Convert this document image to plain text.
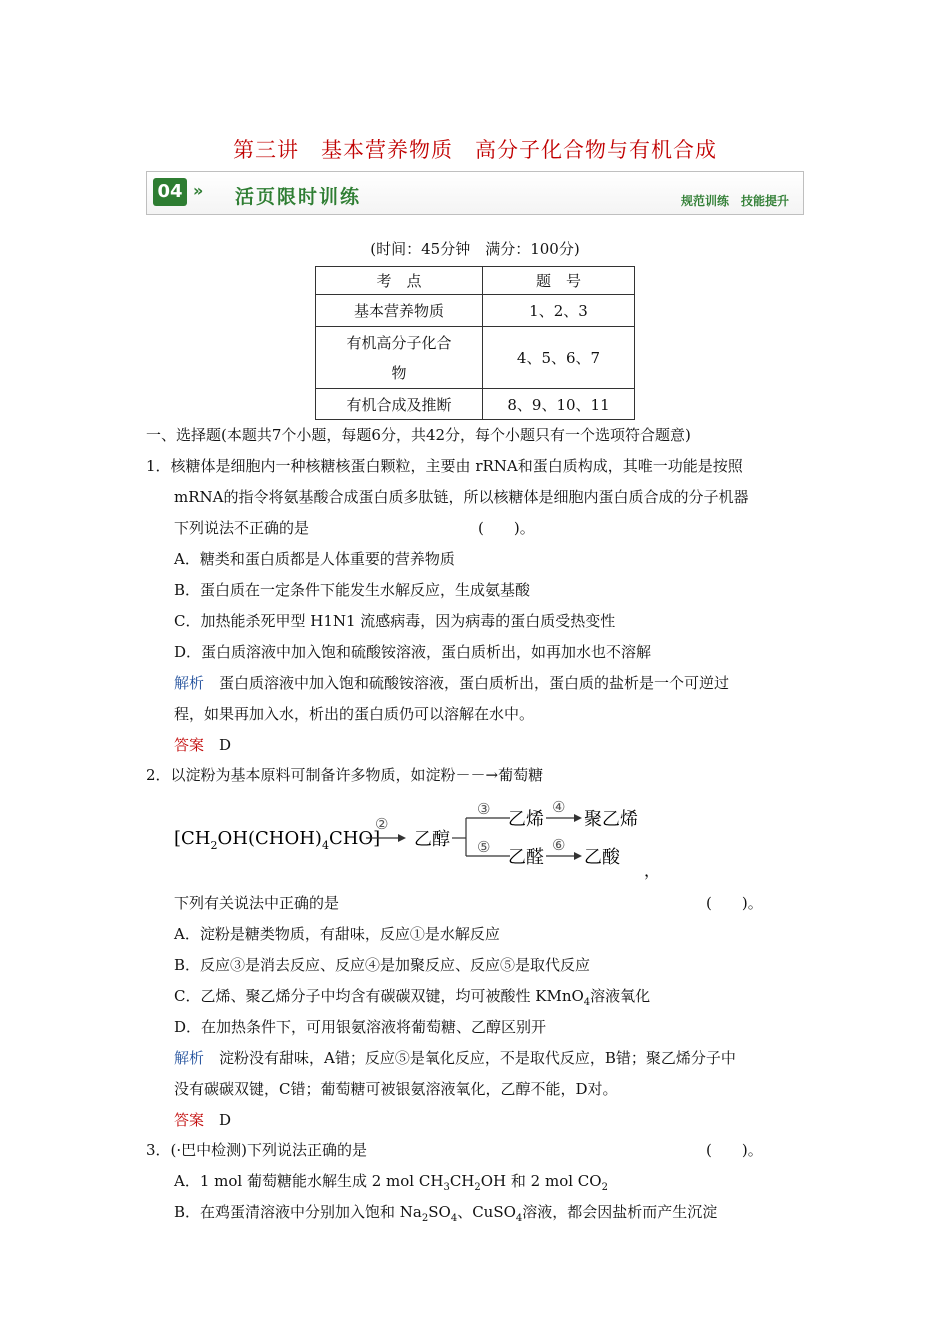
第三讲　基本营养物质　高分子化合物与有机合成
04 » 活页限时训练	规范训练　技能提升
(时间：45分钟　满分：100分)
考　点	题　号
基本营养物质	1、2、3

有机高分子化合
物	4、5、6、7
有机合成及推断	8、9、10、11
一、选择题(本题共7个小题，每题6分，共42分，每个小题只有一个选项符合题意)
1．核糖体是细胞内一种核糖核蛋白颗粒，主要由 rRNA和蛋白质构成，其唯一功能是按照
mRNA的指令将氨基酸合成蛋白质多肽链，所以核糖体是细胞内蛋白质合成的分子机器
下列说法不正确的是	(　　)。
A．糖类和蛋白质都是人体重要的营养物质
B．蛋白质在一定条件下能发生水解反应，生成氨基酸
C．加热能杀死甲型 H1N1 流感病毒，因为病毒的蛋白质受热变性
D．蛋白质溶液中加入饱和硫酸铵溶液，蛋白质析出，如再加水也不溶解
解析　蛋白质溶液中加入饱和硫酸铵溶液，蛋白质析出，蛋白质的盐析是一个可逆过
程，如果再加入水，析出的蛋白质仍可以溶解在水中。
答案　D
2．以淀粉为基本原料可制备许多物质，如淀粉－－→葡萄糖
$[CH_2OH(CHOH)_4CHO]$
②
乙醇
③
⑤
乙烯
乙醛
④
⑥
聚乙烯
乙酸
，
下列有关说法中正确的是	(　　)。
A．淀粉是糖类物质，有甜味，反应①是水解反应
B．反应③是消去反应、反应④是加聚反应、反应⑤是取代反应
C．乙烯、聚乙烯分子中均含有碳碳双键，均可被酸性 KMnO$_4$溶液氧化
D．在加热条件下，可用银氨溶液将葡萄糖、乙醇区别开
解析　淀粉没有甜味，A错；反应⑤是氧化反应，不是取代反应，B错；聚乙烯分子中
没有碳碳双键，C错；葡萄糖可被银氨溶液氧化，乙醇不能，D对。
答案　D
3．(·巴中检测)下列说法正确的是	(　　)。
A．1 mol 葡萄糖能水解生成 2 mol $CH_3CH_2OH$ 和 2 mol $CO_2$
B．在鸡蛋清溶液中分别加入饱和 $Na_2SO_4$、CuSO$_4$溶液，都会因盐析而产生沉淀
